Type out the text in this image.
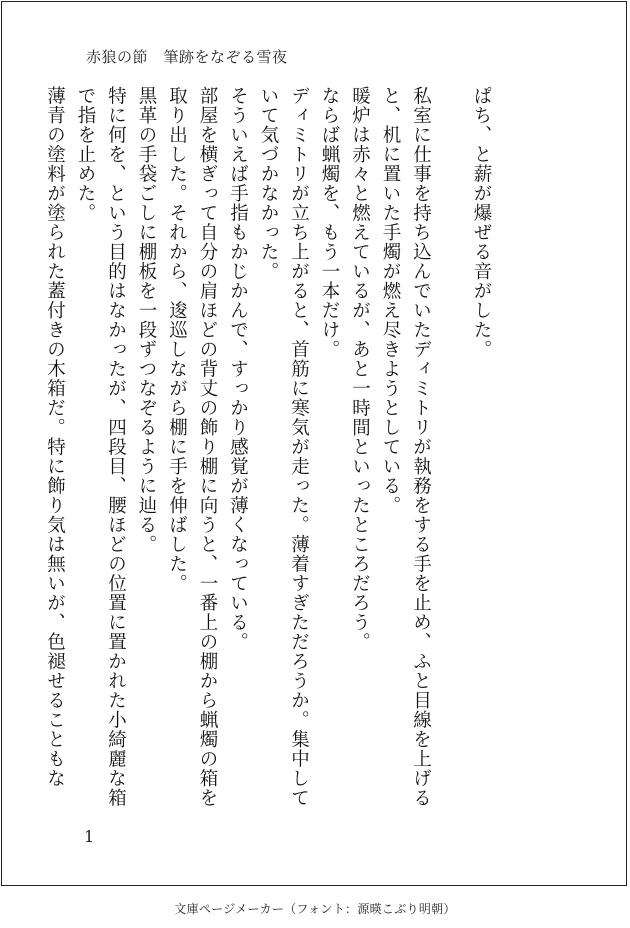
赤狼の節　筆跡をなぞる雪夜

ぱち、と薪が爆ぜる音がした。

私室に仕事を持ち込んでいたディミトリが執務をする手を止め、ふと目線を上げると、机に置いた手燭が燃え尽きようとしている。

暖炉は赤々と燃えているが、あと一時間といったところだろう。

ならば蝋燭を、もう一本だけ。

ディミトリが立ち上がると、首筋に寒気が走った。薄着すぎただろうか。集中していて気づかなかった。

そういえば手指もかじかんで、すっかり感覚が薄くなっている。

部屋を横ぎって自分の肩ほどの背丈の飾り棚に向うと、一番上の棚から蝋燭の箱を取り出した。それから、逡巡しながら棚に手を伸ばした。

黒革の手袋ごしに棚板を一段ずつなぞるように辿る。

特に何を、という目的はなかったが、四段目、腰ほどの位置に置かれた小綺麗な箱で指を止めた。

薄青の塗料が塗られた蓋付きの木箱だ。特に飾り気は無いが、色褪せることもな

1
文庫ページメーカー（フォント：源暎こぶり明朝）
